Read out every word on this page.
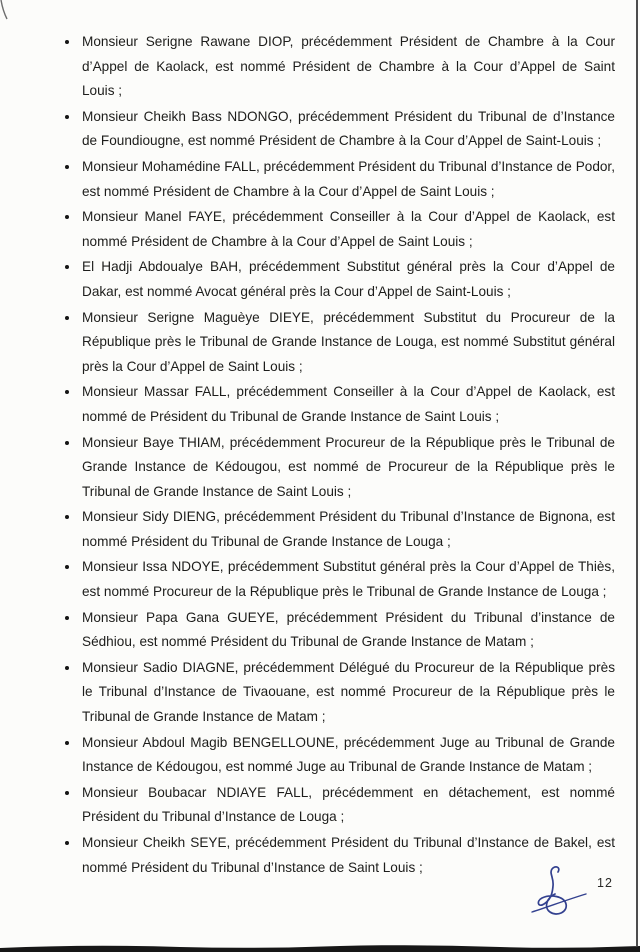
Monsieur Serigne Rawane DIOP, précédemment Président de Chambre à la Cour d’Appel de Kaolack, est nommé Président de Chambre à la Cour d’Appel de Saint Louis ;
Monsieur Cheikh Bass NDONGO, précédemment Président du Tribunal de d’Instance de Foundiougne, est nommé Président de Chambre à la Cour d’Appel de Saint-Louis ;
Monsieur Mohamédine FALL, précédemment Président du Tribunal d’Instance de Podor, est nommé Président de Chambre à la Cour d’Appel de Saint Louis ;
Monsieur Manel FAYE, précédemment Conseiller à la Cour d’Appel de Kaolack, est nommé Président de Chambre à la Cour d’Appel de Saint Louis ;
El Hadji Abdoualye BAH, précédemment Substitut général près la Cour d’Appel de Dakar, est nommé Avocat général près la Cour d’Appel de Saint-Louis ;
Monsieur Serigne Maguèye DIEYE, précédemment Substitut du Procureur de la République près le Tribunal de Grande Instance de Louga, est nommé Substitut général près la Cour d’Appel de Saint Louis ;
Monsieur Massar FALL, précédemment Conseiller à la Cour d’Appel de Kaolack, est nommé de Président du Tribunal de Grande Instance de Saint Louis ;
Monsieur Baye THIAM, précédemment Procureur de la République près le Tribunal de Grande Instance de Kédougou, est nommé de Procureur de la République près le Tribunal de Grande Instance de Saint Louis ;
Monsieur Sidy DIENG, précédemment Président du Tribunal d’Instance de Bignona, est nommé Président du Tribunal de Grande Instance de Louga ;
Monsieur Issa NDOYE, précédemment Substitut général près la Cour d’Appel de Thiès, est nommé Procureur de la République près le Tribunal de Grande Instance de Louga ;
Monsieur Papa Gana GUEYE, précédemment Président du Tribunal d’instance de Sédhiou, est nommé Président du Tribunal de Grande Instance de Matam ;
Monsieur Sadio DIAGNE, précédemment Délégué du Procureur de la République près le Tribunal d’Instance de Tivaouane, est nommé Procureur de la République près le Tribunal de Grande Instance de Matam ;
Monsieur Abdoul Magib BENGELLOUNE, précédemment Juge au Tribunal de Grande Instance de Kédougou, est nommé Juge au Tribunal de Grande Instance de Matam ;
Monsieur Boubacar NDIAYE FALL, précédemment en détachement, est nommé Président du Tribunal d’Instance de Louga ;
Monsieur Cheikh SEYE, précédemment Président du Tribunal d’Instance de Bakel, est nommé Président du Tribunal d’Instance de Saint Louis ;
12
